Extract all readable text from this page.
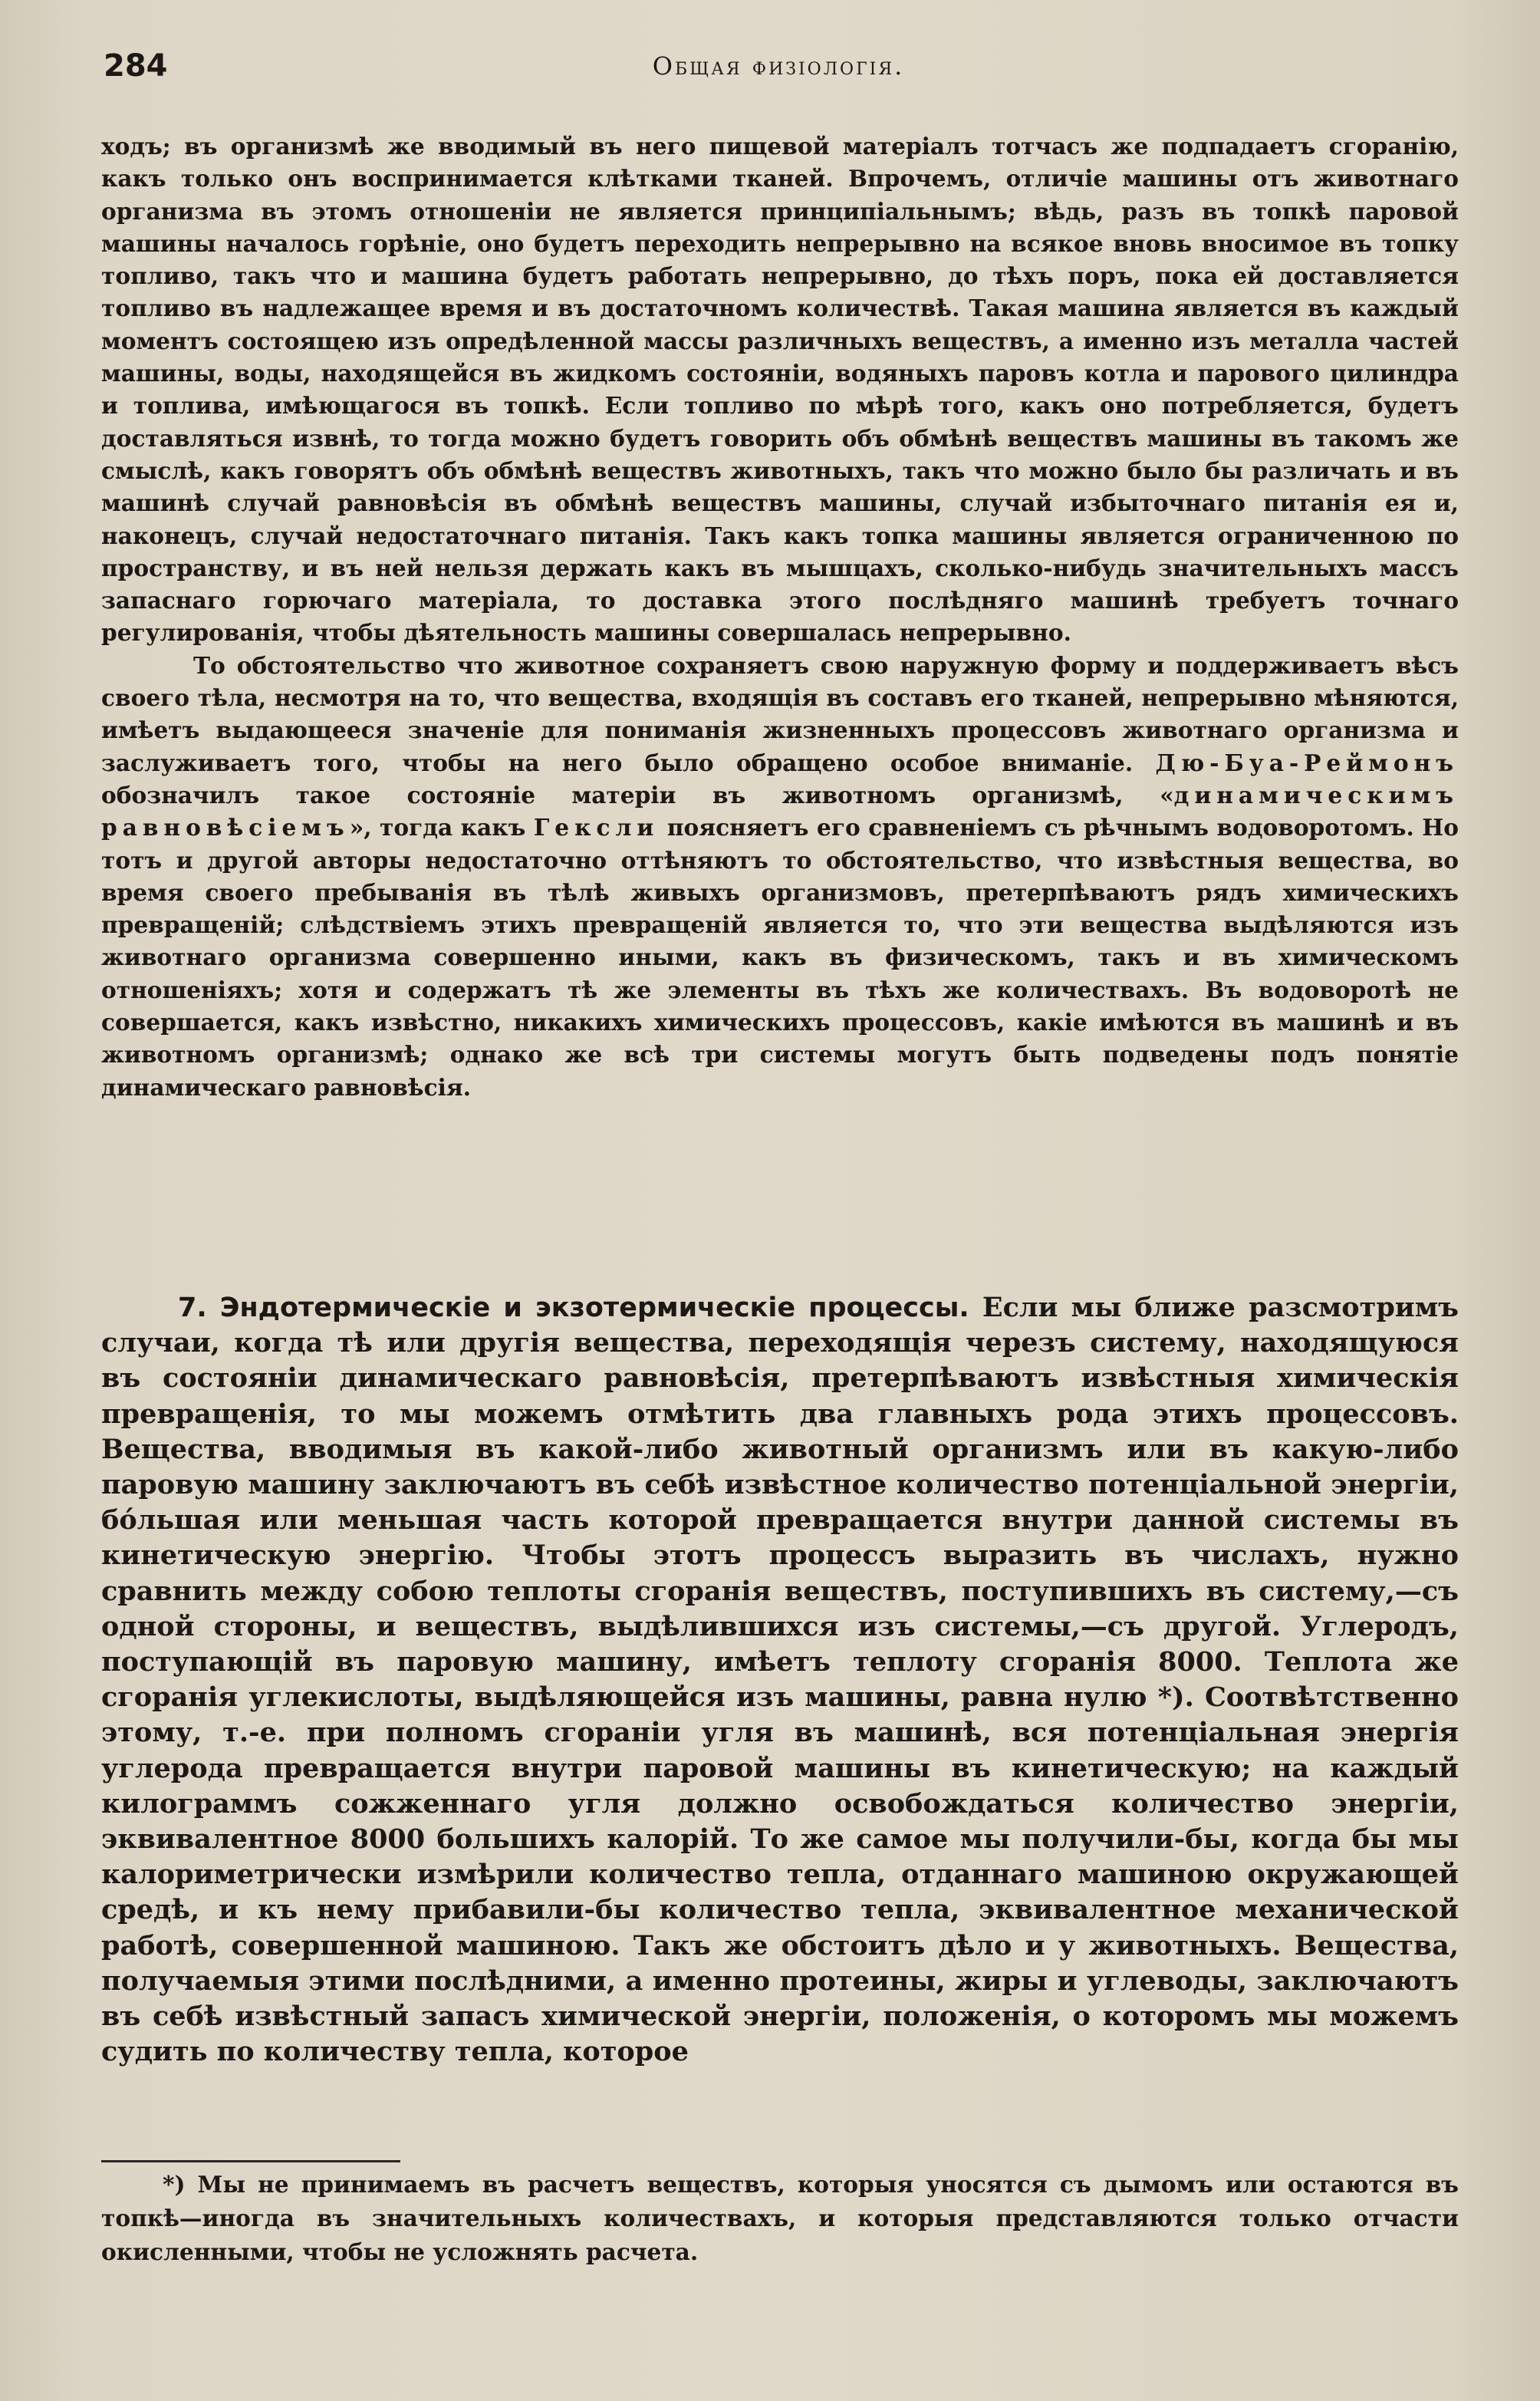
284	Общая физіологія.

ходъ; въ организмѣ же вводимый въ него пищевой матеріалъ тотчасъ же подпадаетъ сгоранію, какъ только онъ воспринимается клѣтками тканей. Впрочемъ, отличіе машины отъ животнаго организма въ этомъ отношеніи не является принципіальнымъ; вѣдь, разъ въ топкѣ паровой машины началось горѣніе, оно будетъ переходить непрерывно на всякое вновь вносимое въ топку топливо, такъ что и машина будетъ работать непрерывно, до тѣхъ поръ, пока ей доставляется топливо въ надлежащее время и въ достаточномъ количествѣ. Такая машина является въ каждый моментъ состоящею изъ опредѣленной массы различныхъ веществъ, а именно изъ металла частей машины, воды, находящейся въ жидкомъ состояніи, водяныхъ паровъ котла и парового цилиндра и топлива, имѣющагося въ топкѣ. Если топливо по мѣрѣ того, какъ оно потребляется, будетъ доставляться извнѣ, то тогда можно будетъ говорить объ обмѣнѣ веществъ машины въ такомъ же смыслѣ, какъ говорятъ объ обмѣнѣ веществъ животныхъ, такъ что можно было бы различать и въ машинѣ случай равновѣсія въ обмѣнѣ веществъ машины, случай избыточнаго питанія ея и, наконецъ, случай недостаточнаго питанія. Такъ какъ топка машины является ограниченною по пространству, и въ ней нельзя держать какъ въ мышцахъ, сколько-нибудь значительныхъ массъ запаснаго горючаго матеріала, то доставка этого послѣдняго машинѣ требуетъ точнаго регулированія, чтобы дѣятельность машины совершалась непрерывно.

То обстоятельство что животное сохраняетъ свою наружную форму и поддерживаетъ вѣсъ своего тѣла, несмотря на то, что вещества, входящія въ составъ его тканей, непрерывно мѣняются, имѣетъ выдающееся значеніе для пониманія жизненныхъ процессовъ животнаго организма и заслуживаетъ того, чтобы на него было обращено особое вниманіе. Дю-Буа-Реймонъ обозначилъ такое состояніе матеріи въ животномъ организмѣ, «динамическимъ равновѣсіемъ», тогда какъ Гексли поясняетъ его сравненіемъ съ рѣчнымъ водоворотомъ. Но тотъ и другой авторы недостаточно оттѣняютъ то обстоятельство, что извѣстныя вещества, во время своего пребыванія въ тѣлѣ живыхъ организмовъ, претерпѣваютъ рядъ химическихъ превращеній; слѣдствіемъ этихъ превращеній является то, что эти вещества выдѣляются изъ животнаго организма совершенно иными, какъ въ физическомъ, такъ и въ химическомъ отношеніяхъ; хотя и содержатъ тѣ же элементы въ тѣхъ же количествахъ. Въ водоворотѣ не совершается, какъ извѣстно, никакихъ химическихъ процессовъ, какіе имѣются въ машинѣ и въ животномъ организмѣ; однако же всѣ три системы могутъ быть подведены подъ понятіе динамическаго равновѣсія.

7. Эндотермическіе и экзотермическіе процессы. Если мы ближе разсмотримъ случаи, когда тѣ или другія вещества, переходящія черезъ систему, находящуюся въ состояніи динамическаго равновѣсія, претерпѣваютъ извѣстныя химическія превращенія, то мы можемъ отмѣтить два главныхъ рода этихъ процессовъ. Вещества, вводимыя въ какой-либо животный организмъ или въ какую-либо паровую машину заключаютъ въ себѣ извѣстное количество потенціальной энергіи, бóльшая или меньшая часть которой превращается внутри данной системы въ кинетическую энергію. Чтобы этотъ процессъ выразить въ числахъ, нужно сравнить между собою теплоты сгоранія веществъ, поступившихъ въ систему,—съ одной стороны, и веществъ, выдѣлившихся изъ системы,—съ другой. Углеродъ, поступающій въ паровую машину, имѣетъ теплоту сгоранія 8000. Теплота же сгоранія углекислоты, выдѣляющейся изъ машины, равна нулю *). Соотвѣтственно этому, т.-е. при полномъ сгораніи угля въ машинѣ, вся потенціальная энергія углерода превращается внутри паровой машины въ кинетическую; на каждый килограммъ сожженнаго угля должно освобождаться количество энергіи, эквивалентное 8000 большихъ калорій. То же самое мы получили-бы, когда бы мы калориметрически измѣрили количество тепла, отданнаго машиною окружающей средѣ, и къ нему прибавили-бы количество тепла, эквивалентное механической работѣ, совершенной машиною. Такъ же обстоитъ дѣло и у животныхъ. Вещества, получаемыя этими послѣдними, а именно протеины, жиры и углеводы, заключаютъ въ себѣ извѣстный запасъ химической энергіи, положенія, о которомъ мы можемъ судить по количеству тепла, которое

*) Мы не принимаемъ въ расчетъ веществъ, которыя уносятся съ дымомъ или остаются въ топкѣ—иногда въ значительныхъ количествахъ, и которыя представляются только отчасти окисленными, чтобы не усложнять расчета.
